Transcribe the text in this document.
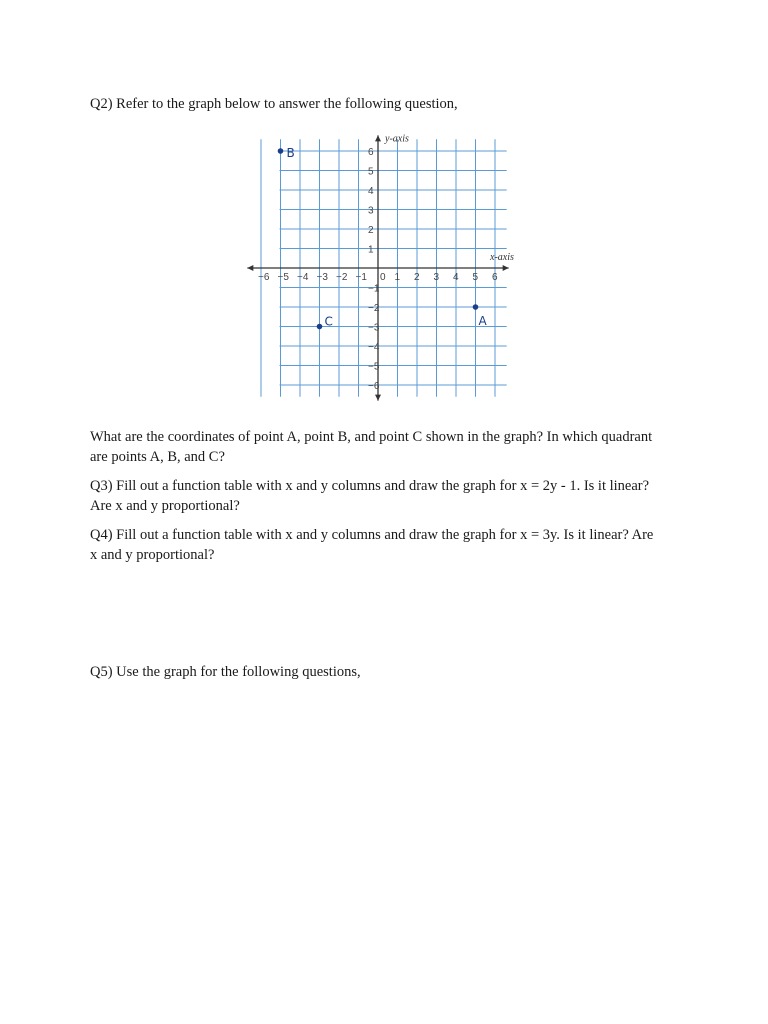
Q2) Refer to the graph below to answer the following question,

−6 −5 −4 −3 −2 −1 0 1 2 3 4 5 6
6
5
4
3
2
1
−1
−2
−3
−4
−5
−6
y-axis
x-axis
A
B
C

What are the coordinates of point A, point B, and point C shown in the graph? In which quadrant
are points A, B, and C?

Q3) Fill out a function table with x and y columns and draw the graph for x = 2y - 1. Is it linear?
Are x and y proportional?

Q4) Fill out a function table with x and y columns and draw the graph for x = 3y. Is it linear? Are
x and y proportional?

Q5) Use the graph for the following questions,
